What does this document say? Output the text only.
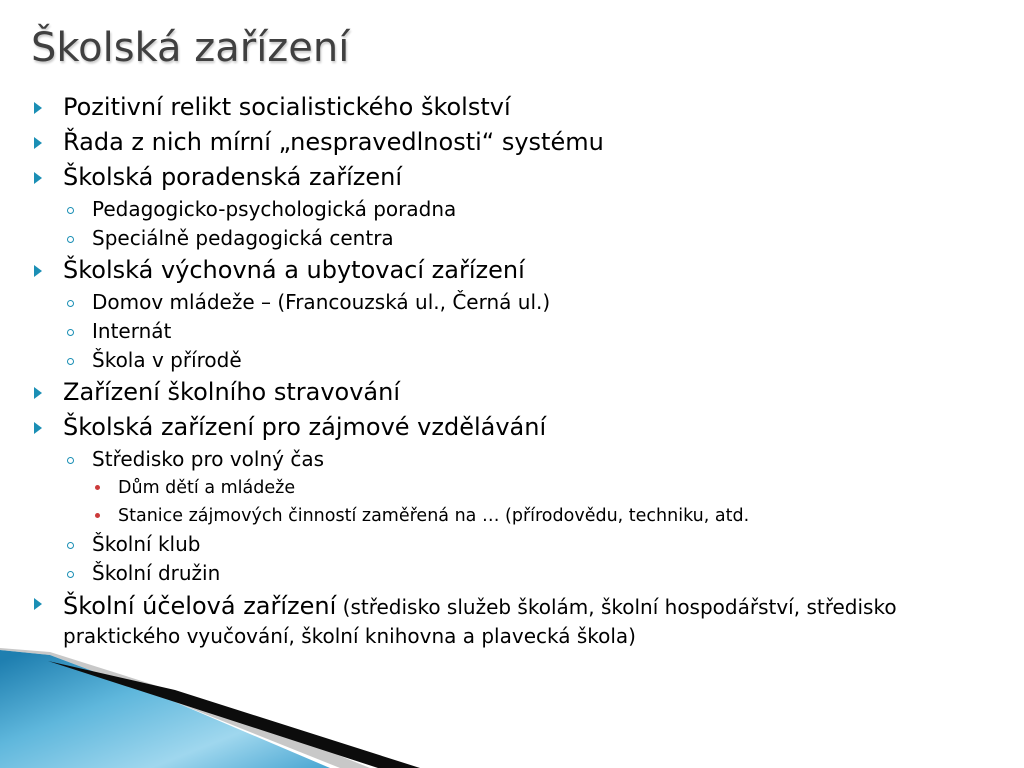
Školská zařízení
Pozitivní relikt socialistického školství
Řada z nich mírní „nespravedlnosti“ systému
Školská poradenská zařízení
Pedagogicko-psychologická poradna
Speciálně pedagogická centra
Školská výchovná a ubytovací zařízení
Domov mládeže – (Francouzská ul., Černá ul.)
Internát
Škola v přírodě
Zařízení školního stravování
Školská zařízení pro zájmové vzdělávání
Středisko pro volný čas
Dům dětí a mládeže
Stanice zájmových činností zaměřená na … (přírodovědu, techniku, atd.
Školní klub
Školní družin
Školní účelová zařízení (středisko služeb školám, školní hospodářství, středisko praktického vyučování, školní knihovna a plavecká škola)
